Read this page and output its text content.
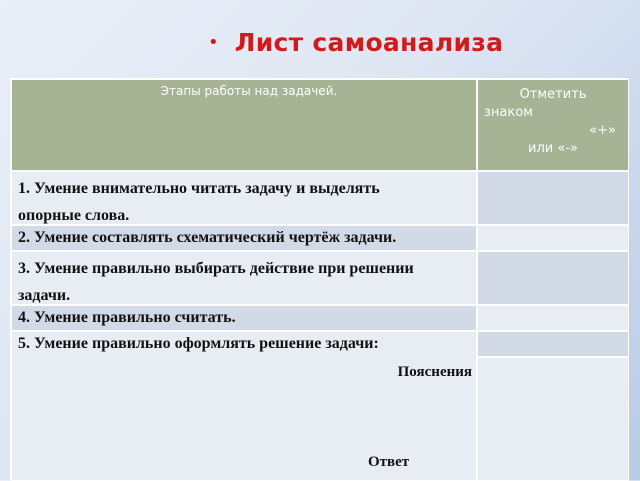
• Лист самоанализа
Этапы работы над задачей.	Отметить
знаком
«+»
или «-»
1. Умение внимательно читать задачу и выделять
опорные слова.
2. Умение составлять схематический чертёж задачи.
3. Умение правильно выбирать действие при решении
задачи.
4. Умение правильно считать.
5. Умение правильно оформлять решение задачи:
Пояснения
Ответ
